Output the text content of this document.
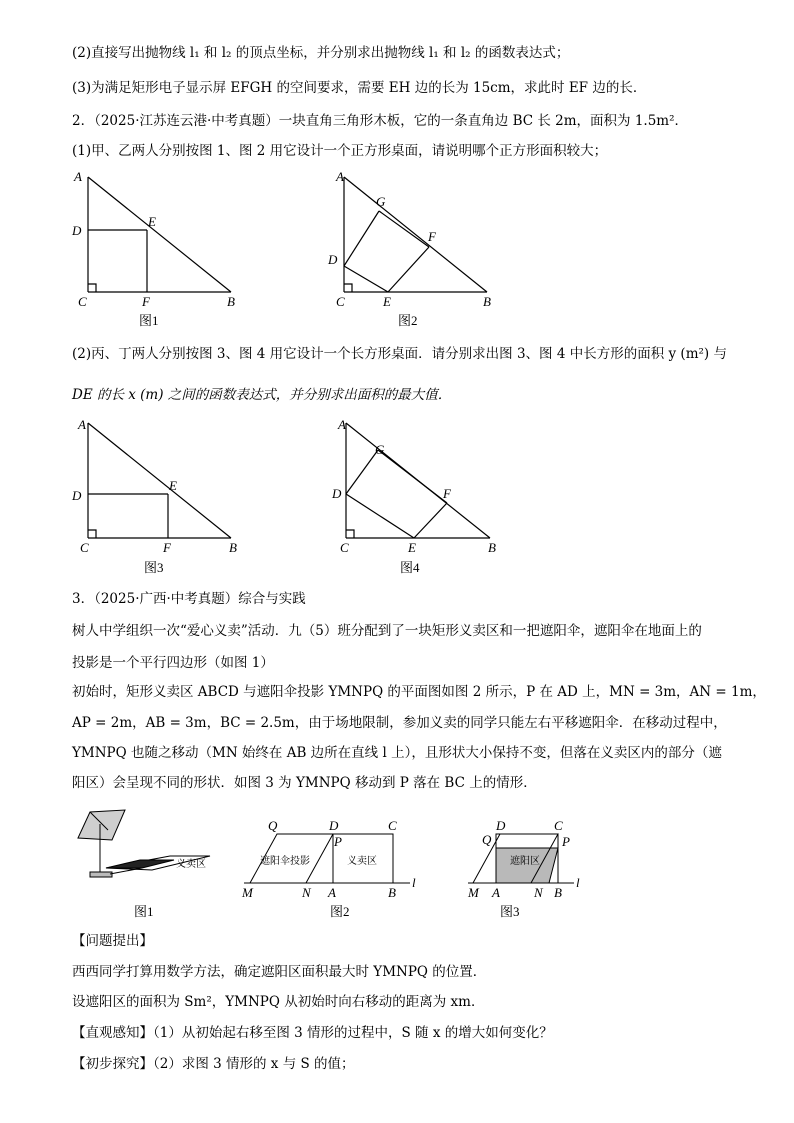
(2)直接写出抛物线 l₁ 和 l₂ 的顶点坐标，并分别求出抛物线 l₁ 和 l₂ 的函数表达式；
(3)为满足矩形电子显示屏 EFGH 的空间要求，需要 EH 边的长为 15cm，求此时 EF 边的长．
2．（2025·江苏连云港·中考真题）一块直角三角形木板，它的一条直角边 BC 长 2m，面积为 1.5m²．
(1)甲、乙两人分别按图 1、图 2 用它设计一个正方形桌面，请说明哪个正方形面积较大；
A
D
E
C	F	B
图1
A
G
F
D
C	E	B
图2
(2)丙、丁两人分别按图 3、图 4 用它设计一个长方形桌面．请分别求出图 3、图 4 中长方形的面积 y (m²) 与
DE 的长 x (m) 之间的函数表达式，并分别求出面积的最大值．
A
D
E
C	F	B
图3
A
G
F
D
C	E	B
图4
3．（2025·广西·中考真题）综合与实践
树人中学组织一次“爱心义卖”活动．九（5）班分配到了一块矩形义卖区和一把遮阳伞，遮阳伞在地面上的
投影是一个平行四边形（如图 1）
初始时，矩形义卖区 ABCD 与遮阳伞投影 YMNPQ 的平面图如图 2 所示，P 在 AD 上，MN = 3m，AN = 1m，
AP = 2m，AB = 3m，BC = 2.5m，由于场地限制，参加义卖的同学只能左右平移遮阳伞．在移动过程中，
YMNPQ 也随之移动（MN 始终在 AB 边所在直线 l 上），且形状大小保持不变，但落在义卖区内的部分（遮
阳区）会呈现不同的形状．如图 3 为 YMNPQ 移动到 P 落在 BC 上的情形．
义卖区
图1
Q	D	C
P
遮阳伞投影	义卖区
M	N A	B
l
图2
Q
D	C
P
遮阳区
M A	N B
l
图3
【问题提出】
西西同学打算用数学方法，确定遮阳区面积最大时 YMNPQ 的位置．
设遮阳区的面积为 Sm²，YMNPQ 从初始时向右移动的距离为 xm．
【直观感知】（1）从初始起右移至图 3 情形的过程中，S 随 x 的增大如何变化？
【初步探究】（2）求图 3 情形的 x 与 S 的值；
